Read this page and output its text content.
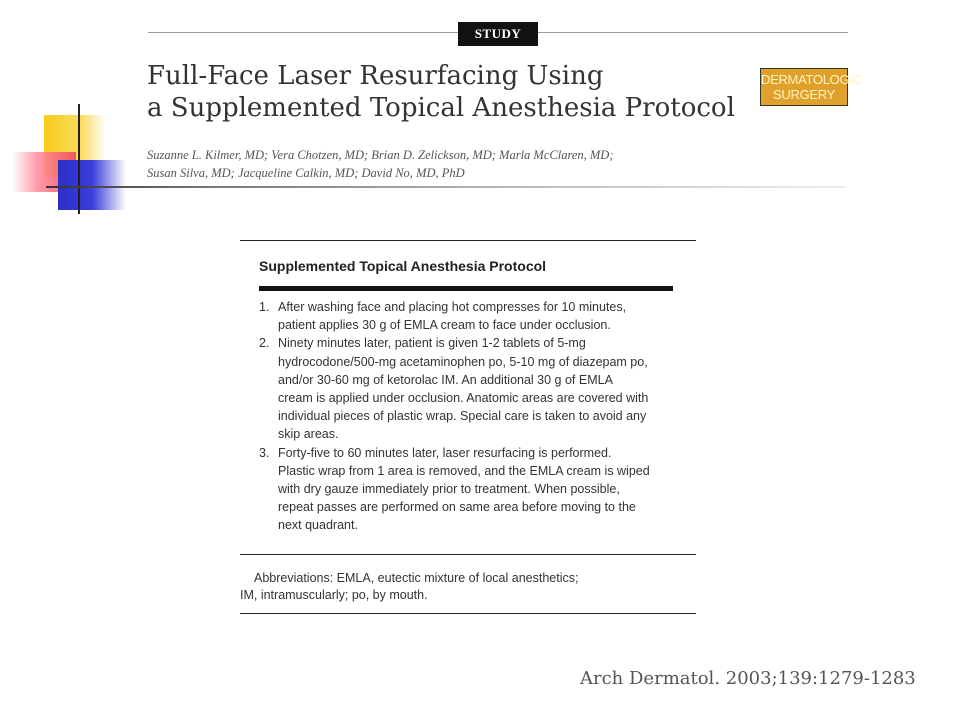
STUDY
Full-Face Laser Resurfacing Using
a Supplemented Topical Anesthesia Protocol
DERMATOLOGIC
SURGERY
Suzanne L. Kilmer, MD; Vera Chotzen, MD; Brian D. Zelickson, MD; Marla McClaren, MD;
Susan Silva, MD; Jacqueline Calkin, MD; David No, MD, PhD
Supplemented Topical Anesthesia Protocol
1. After washing face and placing hot compresses for 10 minutes,
patient applies 30 g of EMLA cream to face under occlusion.
2. Ninety minutes later, patient is given 1-2 tablets of 5-mg
hydrocodone/500-mg acetaminophen po, 5-10 mg of diazepam po,
and/or 30-60 mg of ketorolac IM. An additional 30 g of EMLA
cream is applied under occlusion. Anatomic areas are covered with
individual pieces of plastic wrap. Special care is taken to avoid any
skip areas.
3. Forty-five to 60 minutes later, laser resurfacing is performed.
Plastic wrap from 1 area is removed, and the EMLA cream is wiped
with dry gauze immediately prior to treatment. When possible,
repeat passes are performed on same area before moving to the
next quadrant.
Abbreviations: EMLA, eutectic mixture of local anesthetics;
IM, intramuscularly; po, by mouth.
Arch Dermatol. 2003;139:1279-1283
